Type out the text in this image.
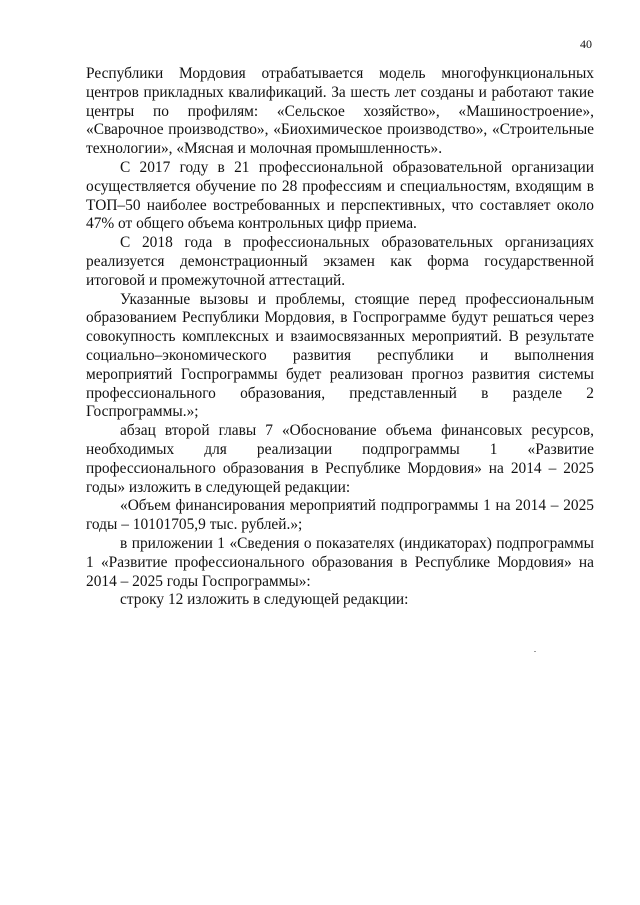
40

Республики Мордовия отрабатывается модель многофункциональных центров прикладных квалификаций. За шесть лет созданы и работают такие центры по профилям: «Сельское хозяйство», «Машиностроение», «Сварочное производство», «Биохимическое производство», «Строительные технологии», «Мясная и молочная промышленность».

С 2017 году в 21 профессиональной образовательной организации осуществляется обучение по 28 профессиям и специальностям, входящим в ТОП–50 наиболее востребованных и перспективных, что составляет около 47% от общего объема контрольных цифр приема.

С 2018 года в профессиональных образовательных организациях реализуется демонстрационный экзамен как форма государственной итоговой и промежуточной аттестаций.

Указанные вызовы и проблемы, стоящие перед профессиональным образованием Республики Мордовия, в Госпрограмме будут решаться через совокупность комплексных и взаимосвязанных мероприятий. В результате социально–экономического развития республики и выполнения мероприятий Госпрограммы будет реализован прогноз развития системы профессионального образования, представленный в разделе 2 Госпрограммы.»;

абзац второй главы 7 «Обоснование объема финансовых ресурсов, необходимых для реализации подпрограммы 1 «Развитие профессионального образования в Республике Мордовия» на 2014 – 2025 годы» изложить в следующей редакции:

«Объем финансирования мероприятий подпрограммы 1 на 2014 – 2025 годы – 10101705,9 тыс. рублей.»;

в приложении 1 «Сведения о показателях (индикаторах) подпрограммы 1 «Развитие профессионального образования в Республике Мордовия» на 2014 – 2025 годы Госпрограммы»:

строку 12 изложить в следующей редакции:
